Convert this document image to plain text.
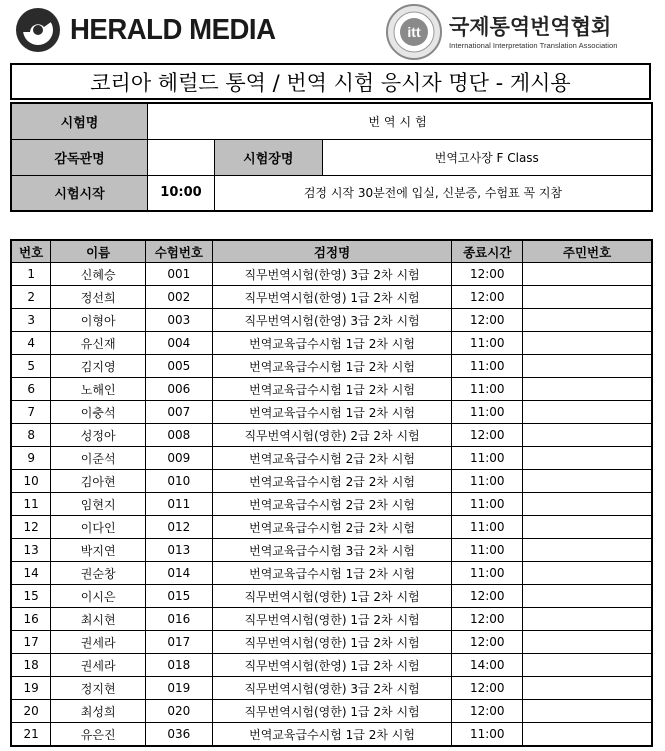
HERALD MEDIA	itt 국제통역번역협회
International Interpretation Translation Association
코리아 헤럴드 통역 / 번역 시험 응시자 명단 - 게시용
시험명	번역시험		
감독관명		시험장명	번역고사장 F Class
시험시작	10:00	검정 시작 30분전에 입실, 신분증, 수험표 꼭 지참	
번호	이름	수험번호	검정명	종료시간	주민번호
1	신혜승	001	직무번역시험(한영) 3급 2차 시험	12:00	
2	정선희	002	직무번역시험(한영) 1급 2차 시험	12:00	
3	이형아	003	직무번역시험(한영) 3급 2차 시험	12:00	
4	유신재	004	번역교육급수시험 1급 2차 시험	11:00	
5	김지영	005	번역교육급수시험 1급 2차 시험	11:00	
6	노해인	006	번역교육급수시험 1급 2차 시험	11:00	
7	이충석	007	번역교육급수시험 1급 2차 시험	11:00	
8	성정아	008	직무번역시험(영한) 2급 2차 시험	12:00	
9	이준석	009	번역교육급수시험 2급 2차 시험	11:00	
10	김아현	010	번역교육급수시험 2급 2차 시험	11:00	
11	임현지	011	번역교육급수시험 2급 2차 시험	11:00	
12	이다인	012	번역교육급수시험 2급 2차 시험	11:00	
13	박지연	013	번역교육급수시험 3급 2차 시험	11:00	
14	권순창	014	번역교육급수시험 1급 2차 시험	11:00	
15	이시은	015	직무번역시험(영한) 1급 2차 시험	12:00	
16	최시현	016	직무번역시험(영한) 1급 2차 시험	12:00	
17	권세라	017	직무번역시험(영한) 1급 2차 시험	12:00	
18	권세라	018	직무번역시험(한영) 1급 2차 시험	14:00	
19	정지현	019	직무번역시험(영한) 3급 2차 시험	12:00	
20	최성희	020	직무번역시험(영한) 1급 2차 시험	12:00	
21	유은진	036	번역교육급수시험 1급 2차 시험	11:00	
